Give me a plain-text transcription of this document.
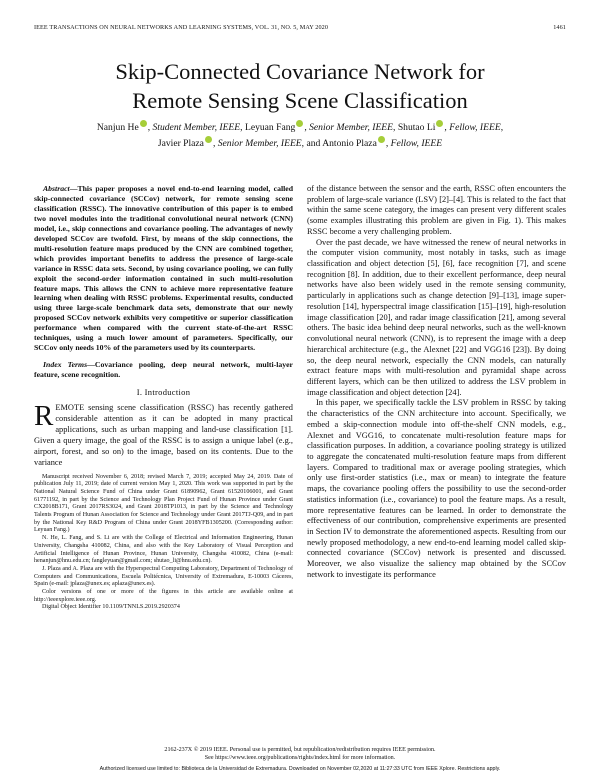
IEEE TRANSACTIONS ON NEURAL NETWORKS AND LEARNING SYSTEMS, VOL. 31, NO. 5, MAY 2020	1461
Skip-Connected Covariance Network for
Remote Sensing Scene Classification
Nanjun He , Student Member, IEEE, Leyuan Fang , Senior Member, IEEE, Shutao Li , Fellow, IEEE,
Javier Plaza , Senior Member, IEEE, and Antonio Plaza , Fellow, IEEE

Abstract—This paper proposes a novel end-to-end learning model, called skip-connected covariance (SCCov) network, for remote sensing scene classification (RSSC). The innovative contribution of this paper is to embed two novel modules into the traditional convolutional neural network (CNN) model, i.e., skip connections and covariance pooling. The advantages of newly developed SCCov are twofold. First, by means of the skip connections, the multi-resolution feature maps produced by the CNN are combined together, which provides important benefits to address the presence of large-scale variance in RSSC data sets. Second, by using covariance pooling, we can fully exploit the second-order information contained in such multi-resolution feature maps. This allows the CNN to achieve more representative feature learning when dealing with RSSC problems. Experimental results, conducted using three large-scale benchmark data sets, demonstrate that our newly proposed SCCov network exhibits very competitive or superior classification performance when compared with the current state-of-the-art RSSC techniques, using a much lower amount of parameters. Specifically, our SCCov only needs 10% of the parameters used by its counterparts.

Index Terms—Covariance pooling, deep neural network, multi-layer feature, scene recognition.

I. Introduction

REMOTE sensing scene classification (RSSC) has recently gathered considerable attention as it can be adopted in many practical applications, such as urban mapping and land-use classification [1]. Given a query image, the goal of the RSSC is to assign a unique label (e.g., airport, forest, and so on) to the image, based on its contents. Due to the variance

Manuscript received November 6, 2018; revised March 7, 2019; accepted May 24, 2019. Date of publication July 11, 2019; date of current version May 1, 2020. This work was supported in part by the National Natural Science Fund of China under Grant 61890962, Grant 61520106001, and Grant 61771192, in part by the Science and Technology Plan Project Fund of Hunan Province under Grant CX2018B171, Grant 2017RS3024, and Grant 2018TP1013, in part by the Science and Technology Talents Program of Hunan Association for Science and Technology under Grant 2017TJ-Q09, and in part by the National Key R&D Program of China under Grant 2018YFB1305200. (Corresponding author: Leyuan Fang.)

N. He, L. Fang, and S. Li are with the College of Electrical and Information Engineering, Hunan University, Changsha 410082, China, and also with the Key Laboratory of Visual Perception and Artificial Intelligence of Hunan Province, Hunan University, Changsha 410082, China (e-mail: henanjun@hnu.edu.cn; fangleyuan@gmail.com; shutao_li@hnu.edu.cn).

J. Plaza and A. Plaza are with the Hyperspectral Computing Laboratory, Department of Technology of Computers and Communications, Escuela Politécnica, University of Extremadura, E-10003 Cáceres, Spain (e-mail: jplaza@unex.es; aplaza@unex.es).

Color versions of one or more of the figures in this article are available online at http://ieeexplore.ieee.org.

Digital Object Identifier 10.1109/TNNLS.2019.2920374

of the distance between the sensor and the earth, RSSC often encounters the problem of large-scale variance (LSV) [2]–[4]. This is related to the fact that within the same scene category, the images can present very different scales (some examples illustrating this problem are given in Fig. 1). This makes RSSC become a very challenging problem.

Over the past decade, we have witnessed the renew of neural networks in the computer vision community, most notably in tasks, such as image classification and object detection [5], [6], face recognition [7], and scene recognition [8]. In addition, due to their excellent performance, deep neural networks have also been widely used in the remote sensing community, particularly in applications such as change detection [9]–[13], image super-resolution [14], hyperspectral image classification [15]–[19], high-resolution image classification [20], and radar image classification [21], among several others. The basic idea behind deep neural networks, such as the well-known convolutional neural network (CNN), is to represent the image with a deep hierarchical architecture (e.g., the Alexnet [22] and VGG16 [23]). By doing so, the deep neural network, especially the CNN models, can naturally extract feature maps with multi-resolution and pyramidal shape across different layers, which can be then utilized to address the LSV problem in image classification and object detection [24].

In this paper, we specifically tackle the LSV problem in RSSC by taking the characteristics of the CNN architecture into account. Specifically, we embed a skip-connection module into off-the-shelf CNN models, e.g., Alexnet and VGG16, to concatenate multi-resolution feature maps for classification purposes. In addition, a covariance pooling strategy is utilized to aggregate the concatenated multi-resolution feature maps from different layers. Compared to traditional max or average pooling strategies, which only use first-order statistics (i.e., max or mean) to integrate the feature maps, the covariance pooling offers the possibility to use the second-order statistics information (i.e., covariance) to pool the feature maps. As a result, more representative features can be learned. In order to demonstrate the effectiveness of our contribution, comprehensive experiments are presented in Section IV to demonstrate the aforementioned aspects. Resulting from our newly proposed methodology, a new end-to-end learning model called skip-connected covariance (SCCov) network is presented and discussed. Moreover, we also visualize the saliency map obtained by the SCCov network to investigate its performance

2162-237X © 2019 IEEE. Personal use is permitted, but republication/redistribution requires IEEE permission.
See https://www.ieee.org/publications/rights/index.html for more information.
Authorized licensed use limited to: Biblioteca de la Universidad de Extremadura. Downloaded on November 02,2020 at 11:27:33 UTC from IEEE Xplore. Restrictions apply.
